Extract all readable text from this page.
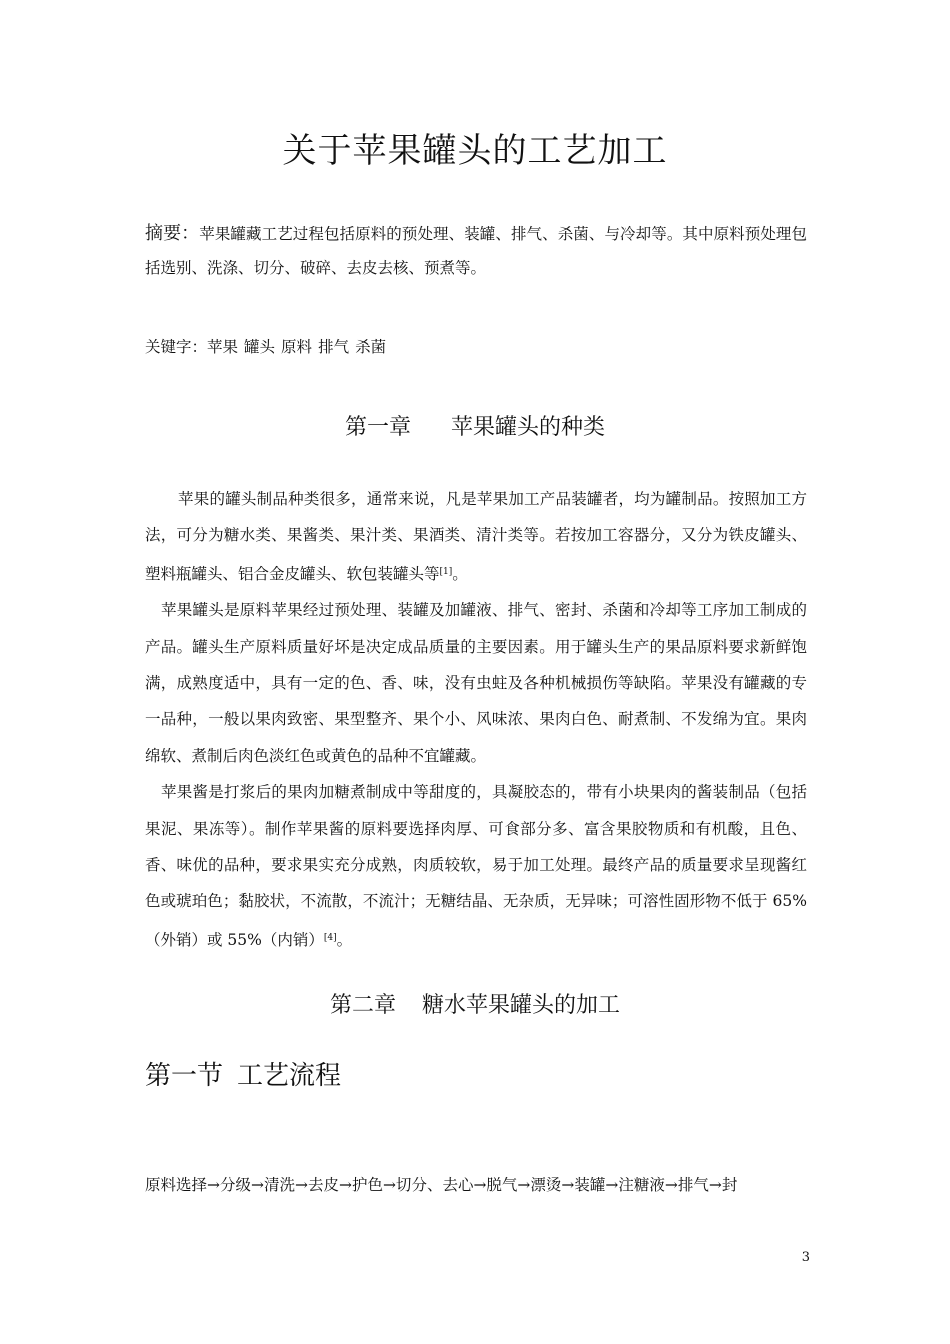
关于苹果罐头的工艺加工
摘要：苹果罐藏工艺过程包括原料的预处理、装罐、排气、杀菌、与冷却等。其中原料预处理包括选别、洗涤、切分、破碎、去皮去核、预煮等。
关键字：苹果 罐头 原料 排气 杀菌
第一章 苹果罐头的种类

苹果的罐头制品种类很多，通常来说，凡是苹果加工产品装罐者，均为罐制品。按照加工方法，可分为糖水类、果酱类、果汁类、果酒类、清汁类等。若按加工容器分，又分为铁皮罐头、塑料瓶罐头、铝合金皮罐头、软包装罐头等[1]。

苹果罐头是原料苹果经过预处理、装罐及加罐液、排气、密封、杀菌和冷却等工序加工制成的产品。罐头生产原料质量好坏是决定成品质量的主要因素。用于罐头生产的果品原料要求新鲜饱满，成熟度适中，具有一定的色、香、味，没有虫蛀及各种机械损伤等缺陷。苹果没有罐藏的专一品种，一般以果肉致密、果型整齐、果个小、风味浓、果肉白色、耐煮制、不发绵为宜。果肉绵软、煮制后肉色淡红色或黄色的品种不宜罐藏。

苹果酱是打浆后的果肉加糖煮制成中等甜度的，具凝胶态的，带有小块果肉的酱装制品（包括果泥、果冻等）。制作苹果酱的原料要选择肉厚、可食部分多、富含果胶物质和有机酸，且色、香、味优的品种，要求果实充分成熟，肉质较软，易于加工处理。最终产品的质量要求呈现酱红色或琥珀色；黏胶状，不流散，不流汁；无糖结晶、无杂质，无异味；可溶性固形物不低于 65%（外销）或 55%（内销）[4]。

第二章 糖水苹果罐头的加工
第一节 工艺流程
原料选择→分级→清洗→去皮→护色→切分、去心→脱气→漂烫→装罐→注糖液→排气→封
3
